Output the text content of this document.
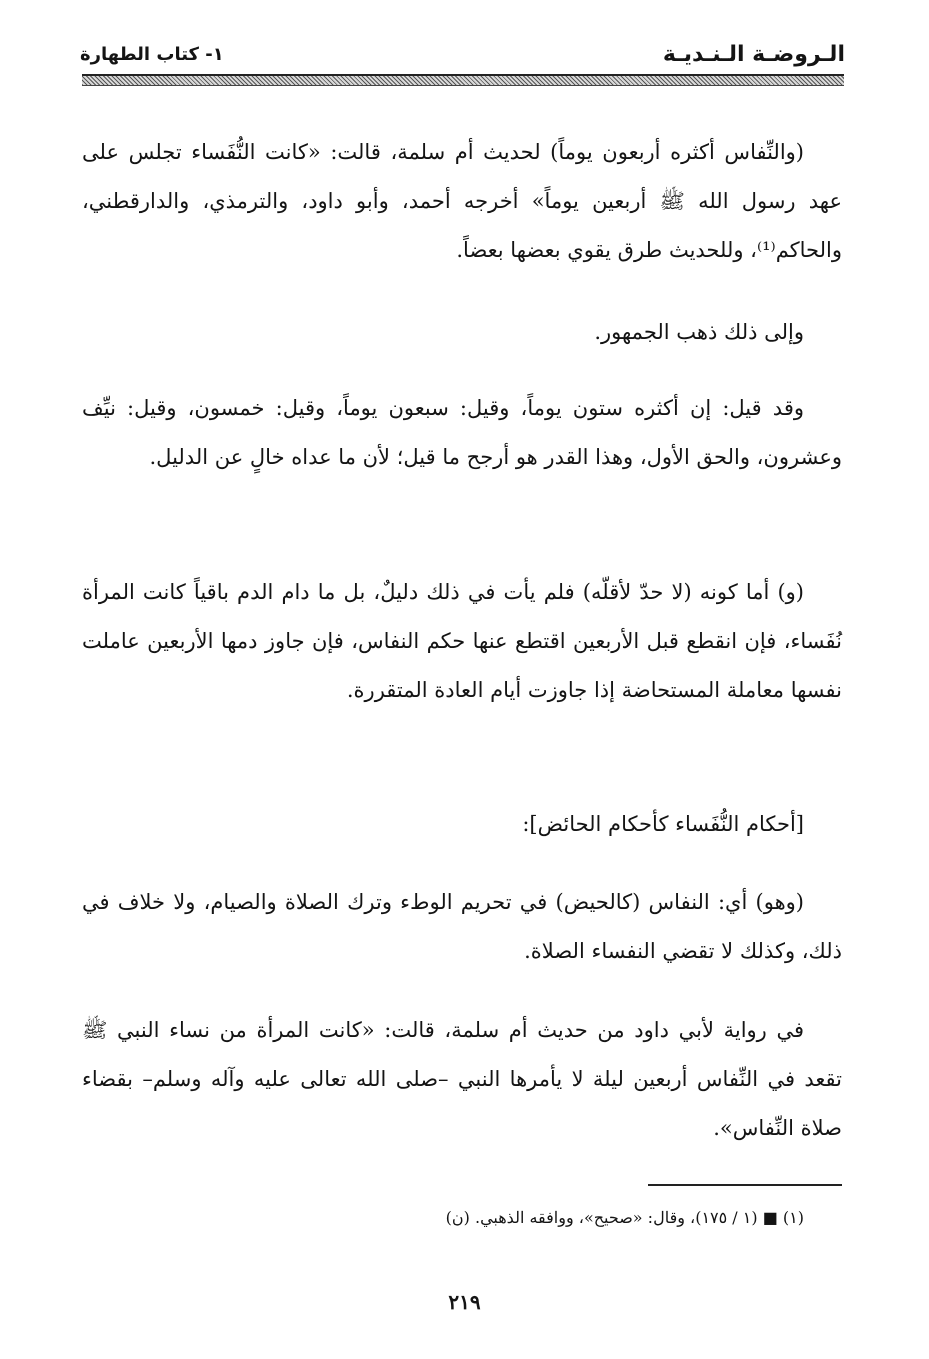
الـروضـة الـنـديـة
١- كتاب الطهارة

(والنِّفاس أكثره أربعون يوماً) لحديث أم سلمة، قالت: «كانت النُّفَساء تجلس على عهد رسول الله ﷺ أربعين يوماً» أخرجه أحمد، وأبو داود، والترمذي، والدارقطني، والحاكم⁽¹⁾، وللحديث طرق يقوي بعضها بعضاً.

وإلى ذلك ذهب الجمهور.

وقد قيل: إن أكثره ستون يوماً، وقيل: سبعون يوماً، وقيل: خمسون، وقيل: نيِّف وعشرون، والحق الأول، وهذا القدر هو أرجح ما قيل؛ لأن ما عداه خالٍ عن الدليل.

(و) أما كونه (لا حدّ لأقلّه) فلم يأت في ذلك دليلٌ، بل ما دام الدم باقياً كانت المرأة نُفَساء، فإن انقطع قبل الأربعين اقتطع عنها حكم النفاس، فإن جاوز دمها الأربعين عاملت نفسها معاملة المستحاضة إذا جاوزت أيام العادة المتقررة.

[أحكام النُّفَساء كأحكام الحائض]:

(وهو) أي: النفاس (كالحيض) في تحريم الوطء وترك الصلاة والصيام، ولا خلاف في ذلك، وكذلك لا تقضي النفساء الصلاة.

في رواية لأبي داود من حديث أم سلمة، قالت: «كانت المرأة من نساء النبي ﷺ تقعد في النِّفاس أربعين ليلة لا يأمرها النبي –صلى الله تعالى عليه وآله وسلم– بقضاء صلاة النِّفاس».

(١) ■ (١ / ١٧٥)، وقال: «صحيح»، ووافقه الذهبي. (ن)
٢١٩
